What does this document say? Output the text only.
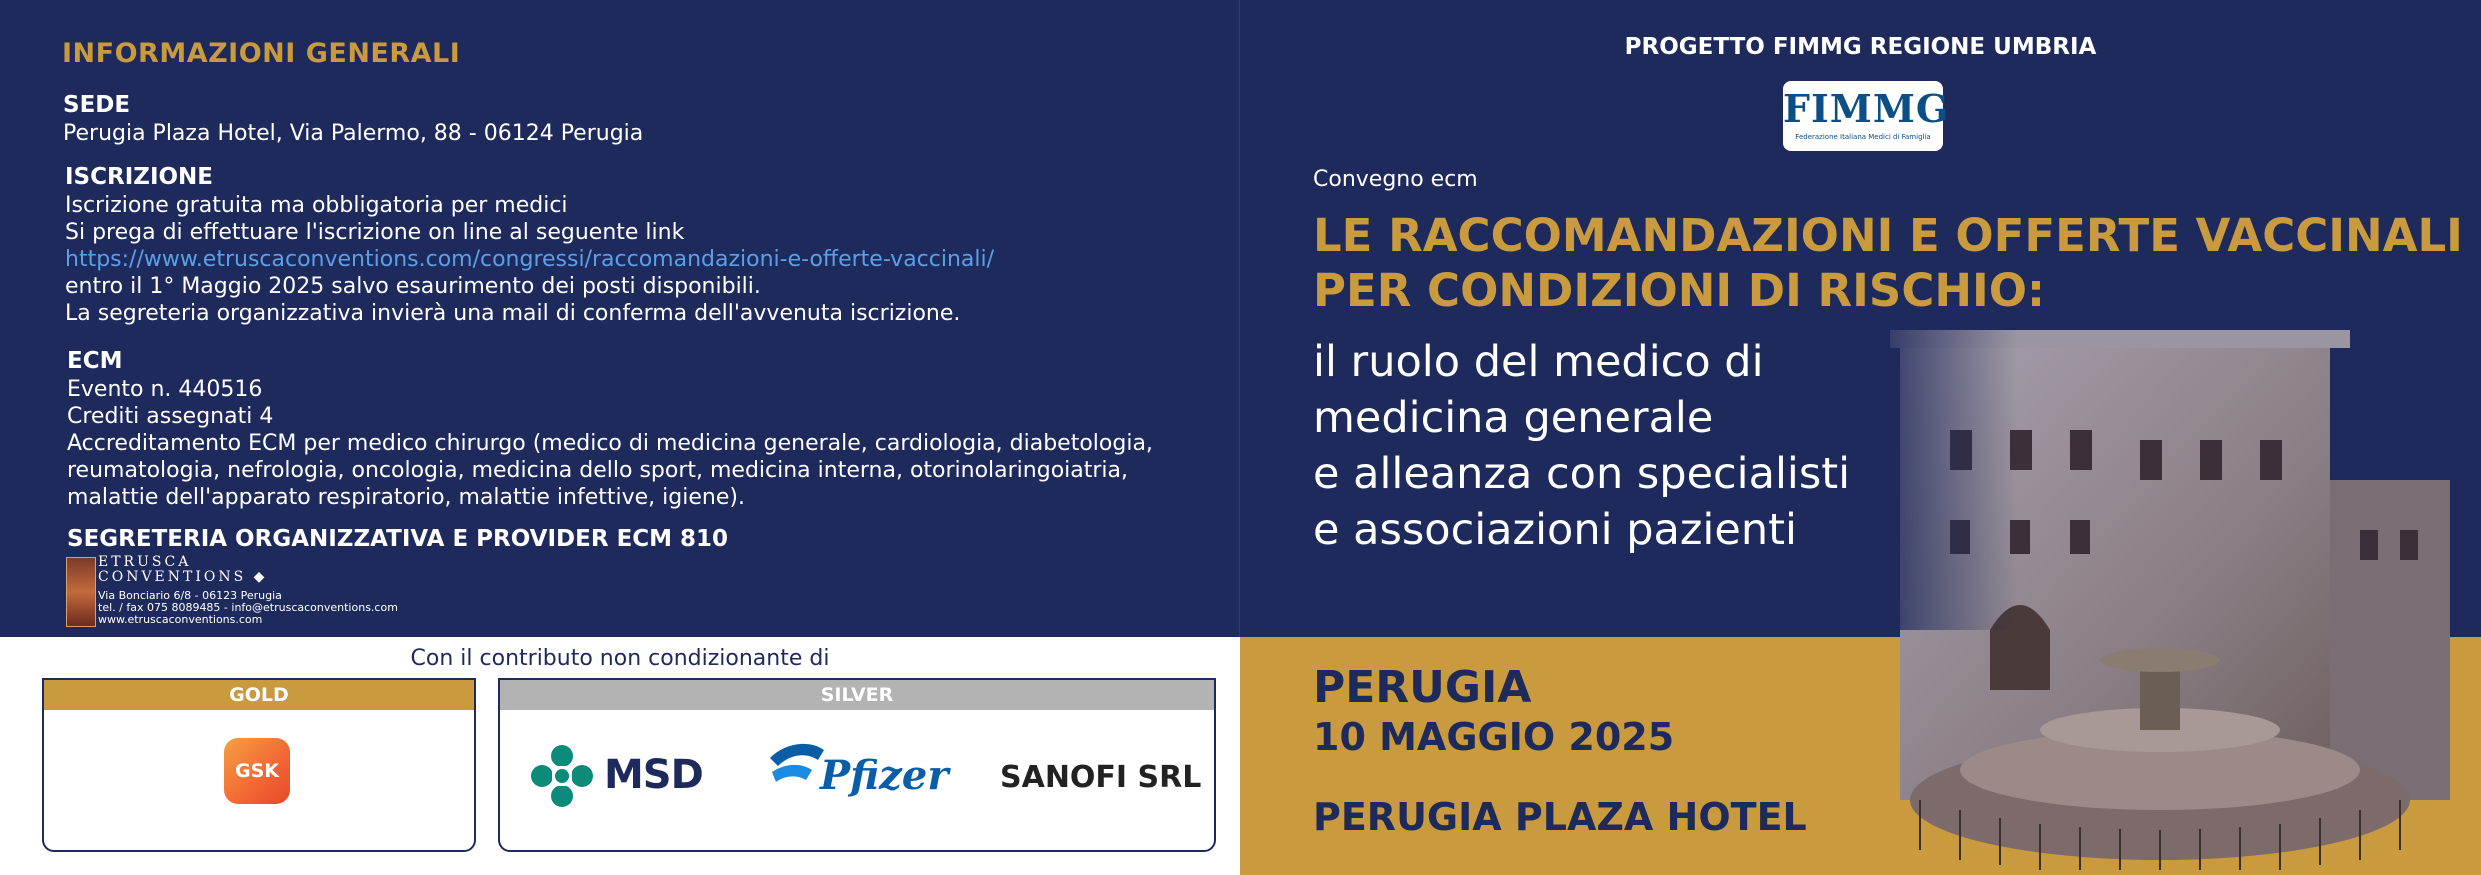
INFORMAZIONI GENERALI
SEDE
Perugia Plaza Hotel, Via Palermo, 88 - 06124 Perugia
ISCRIZIONE
Iscrizione gratuita ma obbligatoria per medici
Si prega di effettuare l'iscrizione on line al seguente link
https://www.etruscaconventions.com/congressi/raccomandazioni-e-offerte-vaccinali/
entro il 1° Maggio 2025 salvo esaurimento dei posti disponibili.
La segreteria organizzativa invierà una mail di conferma dell'avvenuta iscrizione.
ECM
Evento n. 440516
Crediti assegnati 4
Accreditamento ECM per medico chirurgo (medico di medicina generale, cardiologia, diabetologia,
reumatologia, nefrologia, oncologia, medicina dello sport, medicina interna, otorinolaringoiatria,
malattie dell'apparato respiratorio, malattie infettive, igiene).
SEGRETERIA ORGANIZZATIVA E PROVIDER ECM 810
ETRUSCA
CONVENTIONS ◆
Via Bonciario 6/8 - 06123 Perugia
tel. / fax 075 8089485 - info@etruscaconventions.com
www.etruscaconventions.com
Con il contributo non condizionante di
GOLD
GSK
SILVER
MSD	Pfizer SANOFI SRL
PROGETTO FIMMG REGIONE UMBRIA
FIMMG
Federazione Italiana Medici di Famiglia
Convegno ecm
LE RACCOMANDAZIONI E OFFERTE VACCINALI
PER CONDIZIONI DI RISCHIO:
il ruolo del medico di
medicina generale
e alleanza con specialisti
e associazioni pazienti
PERUGIA
10 MAGGIO 2025
PERUGIA PLAZA HOTEL
